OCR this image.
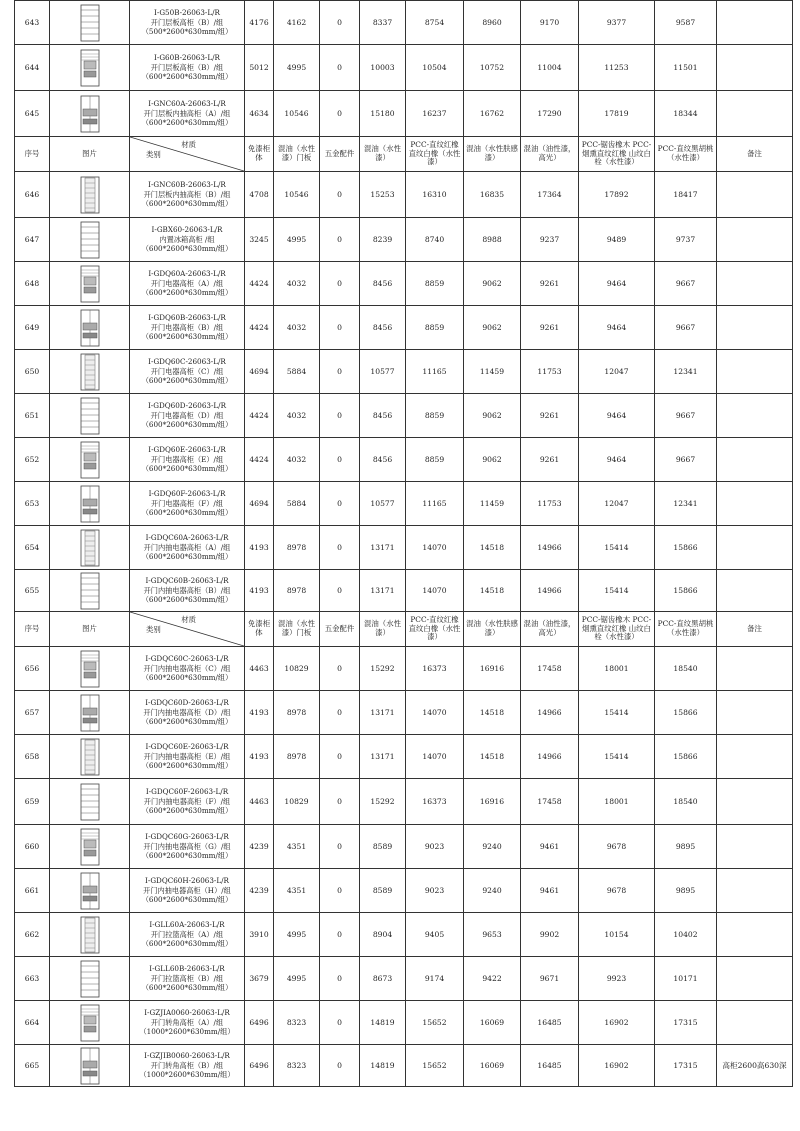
643		I-G50B-26063-L/R
开门层板高柜（B）/组
（500*2600*630mm/组）	4176	4162	0	8337	8754	8960	9170	9377	9587	
644		I-G60B-26063-L/R
开门层板高柜（B）/组
（600*2600*630mm/组）	5012	4995	0	10003	10504	10752	11004	11253	11501	
645		I-GNC60A-26063-L/R
开门层板内抽高柜（A）/组
（600*2600*630mm/组）	4634	10546	0	15180	16237	16762	17290	17819	18344	
序号	图片	材质
类别	免漆柜体	混油（水性漆）门板	五金配件	混油（水性漆）	PCC-直纹红橡直纹白橡（水性漆）	混油（水性肤感漆）	混油（油性漆，高光）	PCC-锯齿橡木 PCC-烟熏直纹红橡 山纹白栓（水性漆）	PCC-直纹黑胡桃（水性漆）	备注
646		I-GNC60B-26063-L/R
开门层板内抽高柜（B）/组
（600*2600*630mm/组）	4708	10546	0	15253	16310	16835	17364	17892	18417	
647		I-GBX60-26063-L/R
内置冰箱高柜 /组
（600*2600*630mm/组）	3245	4995	0	8239	8740	8988	9237	9489	9737	
648		I-GDQ60A-26063-L/R
开门电器高柜（A）/组
（600*2600*630mm/组）	4424	4032	0	8456	8859	9062	9261	9464	9667	
649		I-GDQ60B-26063-L/R
开门电器高柜（B）/组
（600*2600*630mm/组）	4424	4032	0	8456	8859	9062	9261	9464	9667	
650		I-GDQ60C-26063-L/R
开门电器高柜（C）/组
（600*2600*630mm/组）	4694	5884	0	10577	11165	11459	11753	12047	12341	
651		I-GDQ60D-26063-L/R
开门电器高柜（D）/组
（600*2600*630mm/组）	4424	4032	0	8456	8859	9062	9261	9464	9667	
652		I-GDQ60E-26063-L/R
开门电器高柜（E）/组
（600*2600*630mm/组）	4424	4032	0	8456	8859	9062	9261	9464	9667	
653		I-GDQ60F-26063-L/R
开门电器高柜（F）/组
（600*2600*630mm/组）	4694	5884	0	10577	11165	11459	11753	12047	12341	
654		I-GDQC60A-26063-L/R
开门内抽电器高柜（A）/组
（600*2600*630mm/组）	4193	8978	0	13171	14070	14518	14966	15414	15866	
655		I-GDQC60B-26063-L/R
开门内抽电器高柜（B）/组
（600*2600*630mm/组）	4193	8978	0	13171	14070	14518	14966	15414	15866	
序号	图片	材质
类别	免漆柜体	混油（水性漆）门板	五金配件	混油（水性漆）	PCC-直纹红橡直纹白橡（水性漆）	混油（水性肤感漆）	混油（油性漆，高光）	PCC-锯齿橡木 PCC-烟熏直纹红橡 山纹白栓（水性漆）	PCC-直纹黑胡桃（水性漆）	备注
656		I-GDQC60C-26063-L/R
开门内抽电器高柜（C）/组
（600*2600*630mm/组）	4463	10829	0	15292	16373	16916	17458	18001	18540	
657		I-GDQC60D-26063-L/R
开门内抽电器高柜（D）/组
（600*2600*630mm/组）	4193	8978	0	13171	14070	14518	14966	15414	15866	
658		I-GDQC60E-26063-L/R
开门内抽电器高柜（E）/组
（600*2600*630mm/组）	4193	8978	0	13171	14070	14518	14966	15414	15866	
659		I-GDQC60F-26063-L/R
开门内抽电器高柜（F）/组
（600*2600*630mm/组）	4463	10829	0	15292	16373	16916	17458	18001	18540	
660		I-GDQC60G-26063-L/R
开门内抽电器高柜（G）/组
（600*2600*630mm/组）	4239	4351	0	8589	9023	9240	9461	9678	9895	
661		I-GDQC60H-26063-L/R
开门内抽电器高柜（H）/组
（600*2600*630mm/组）	4239	4351	0	8589	9023	9240	9461	9678	9895	
662		I-GLL60A-26063-L/R
开门拉篮高柜（A）/组
（600*2600*630mm/组）	3910	4995	0	8904	9405	9653	9902	10154	10402	
663		I-GLL60B-26063-L/R
开门拉篮高柜（B）/组
（600*2600*630mm/组）	3679	4995	0	8673	9174	9422	9671	9923	10171	
664		I-GZJIA0060-26063-L/R
开门转角高柜（A）/组
（1000*2600*630mm/组）	6496	8323	0	14819	15652	16069	16485	16902	17315	
665		I-GZJIB0060-26063-L/R
开门转角高柜（B）/组
（1000*2600*630mm/组）	6496	8323	0	14819	15652	16069	16485	16902	17315	高柜2600高630深
